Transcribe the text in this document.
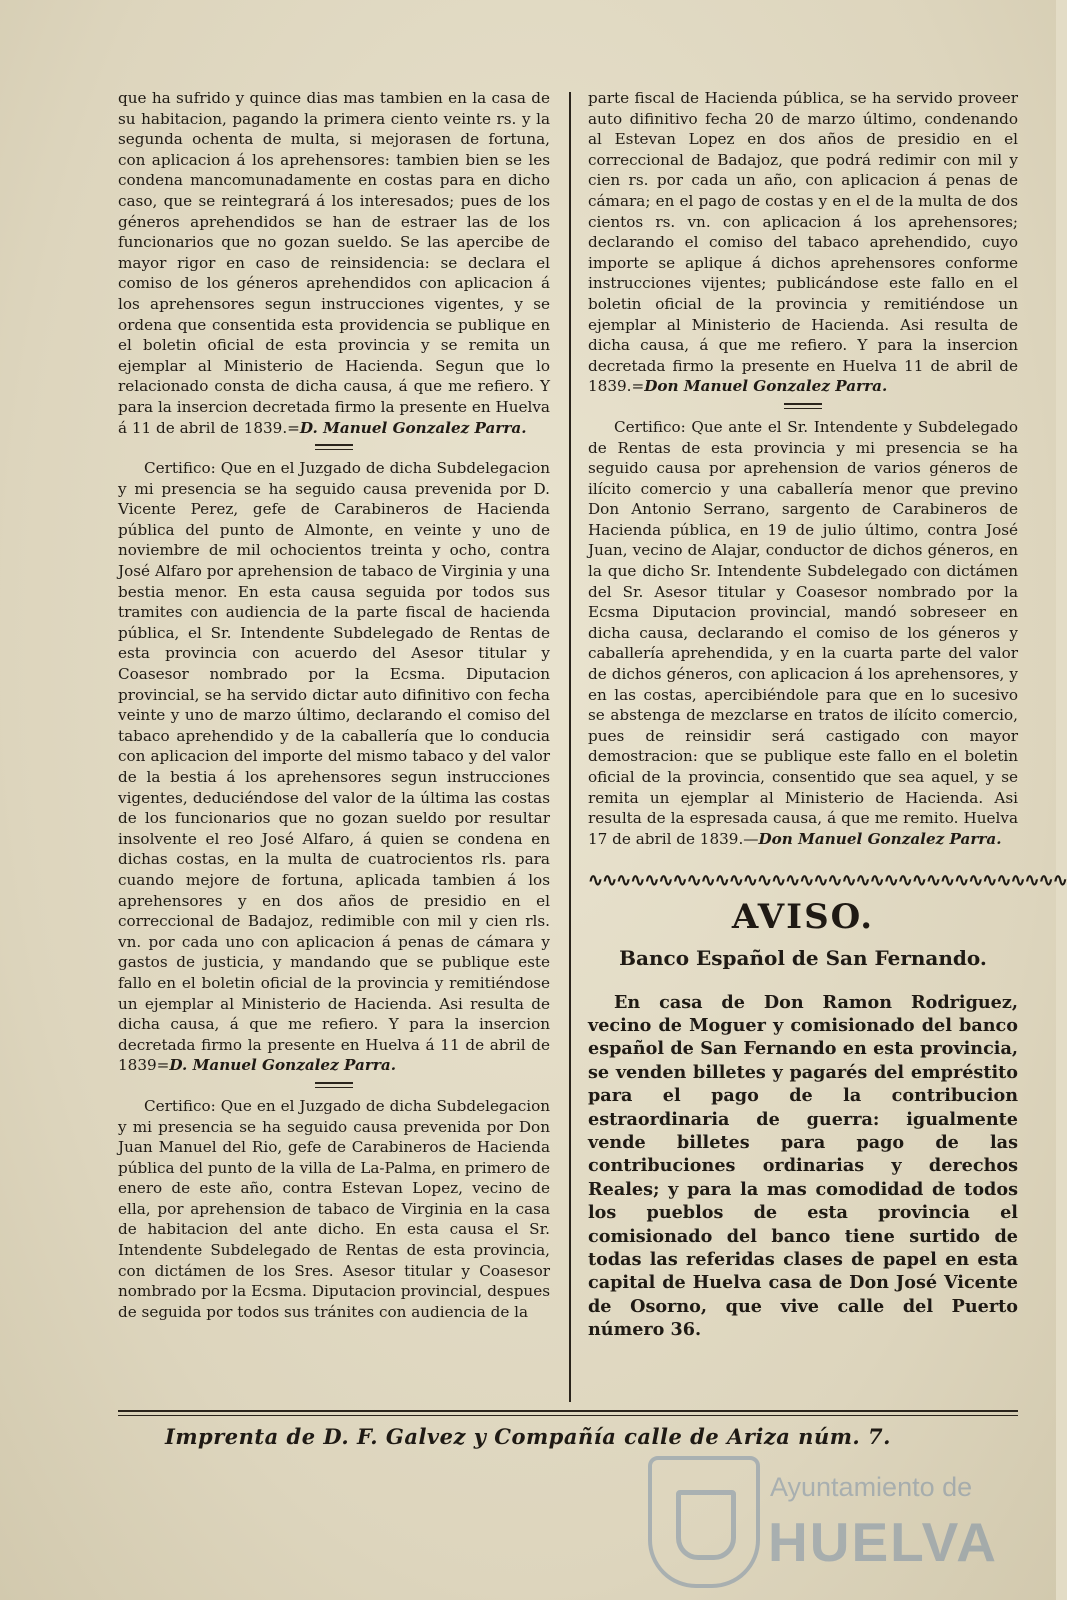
que ha sufrido y quince dias mas tambien en la casa de su habitacion, pagando la primera ciento veinte rs. y la segunda ochenta de multa, si mejorasen de fortuna, con aplicacion á los aprehensores: tambien bien se les condena mancomunadamente en costas para en dicho caso, que se reintegrará á los interesados; pues de los géneros aprehendidos se han de estraer las de los funcionarios que no gozan sueldo. Se las apercibe de mayor rigor en caso de reinsidencia: se declara el comiso de los géneros aprehendidos con aplicacion á los aprehensores segun instrucciones vigentes, y se ordena que consentida esta providencia se publique en el boletin oficial de esta provincia y se remita un ejemplar al Ministerio de Hacienda. Segun que lo relacionado consta de dicha causa, á que me refiero. Y para la insercion decretada firmo la presente en Huelva á 11 de abril de 1839.=D. Manuel Gonzalez Parra.

Certifico: Que en el Juzgado de dicha Subdelegacion y mi presencia se ha seguido causa prevenida por D. Vicente Perez, gefe de Carabineros de Hacienda pública del punto de Almonte, en veinte y uno de noviembre de mil ochocientos treinta y ocho, contra José Alfaro por aprehension de tabaco de Virginia y una bestia menor. En esta causa seguida por todos sus tramites con audiencia de la parte fiscal de hacienda pública, el Sr. Intendente Subdelegado de Rentas de esta provincia con acuerdo del Asesor titular y Coasesor nombrado por la Ecsma. Diputacion provincial, se ha servido dictar auto difinitivo con fecha veinte y uno de marzo último, declarando el comiso del tabaco aprehendido y de la caballería que lo conducia con aplicacion del importe del mismo tabaco y del valor de la bestia á los aprehensores segun instrucciones vigentes, deduciéndose del valor de la última las costas de los funcionarios que no gozan sueldo por resultar insolvente el reo José Alfaro, á quien se condena en dichas costas, en la multa de cuatrocientos rls. para cuando mejore de fortuna, aplicada tambien á los aprehensores y en dos años de presidio en el correccional de Badajoz, redimible con mil y cien rls. vn. por cada uno con aplicacion á penas de cámara y gastos de justicia, y mandando que se publique este fallo en el boletin oficial de la provincia y remitiéndose un ejemplar al Ministerio de Hacienda. Asi resulta de dicha causa, á que me refiero. Y para la insercion decretada firmo la presente en Huelva á 11 de abril de 1839=D. Manuel Gonzalez Parra.

Certifico: Que en el Juzgado de dicha Subdelegacion y mi presencia se ha seguido causa prevenida por Don Juan Manuel del Rio, gefe de Carabineros de Hacienda pública del punto de la villa de La-Palma, en primero de enero de este año, contra Estevan Lopez, vecino de ella, por aprehension de tabaco de Virginia en la casa de habitacion del ante dicho. En esta causa el Sr. Intendente Subdelegado de Rentas de esta provincia, con dictámen de los Sres. Asesor titular y Coasesor nombrado por la Ecsma. Diputacion provincial, despues de seguida por todos sus tránites con audiencia de la

parte fiscal de Hacienda pública, se ha servido proveer auto difinitivo fecha 20 de marzo último, condenando al Estevan Lopez en dos años de presidio en el correccional de Badajoz, que podrá redimir con mil y cien rs. por cada un año, con aplicacion á penas de cámara; en el pago de costas y en el de la multa de dos cientos rs. vn. con aplicacion á los aprehensores; declarando el comiso del tabaco aprehendido, cuyo importe se aplique á dichos aprehensores conforme instrucciones vijentes; publicándose este fallo en el boletin oficial de la provincia y remitiéndose un ejemplar al Ministerio de Hacienda. Asi resulta de dicha causa, á que me refiero. Y para la insercion decretada firmo la presente en Huelva 11 de abril de 1839.=Don Manuel Gonzalez Parra.

Certifico: Que ante el Sr. Intendente y Subdelegado de Rentas de esta provincia y mi presencia se ha seguido causa por aprehension de varios géneros de ilícito comercio y una caballería menor que previno Don Antonio Serrano, sargento de Carabineros de Hacienda pública, en 19 de julio último, contra José Juan, vecino de Alajar, conductor de dichos géneros, en la que dicho Sr. Intendente Subdelegado con dictámen del Sr. Asesor titular y Coasesor nombrado por la Ecsma Diputacion provincial, mandó sobreseer en dicha causa, declarando el comiso de los géneros y caballería aprehendida, y en la cuarta parte del valor de dichos géneros, con aplicacion á los aprehensores, y en las costas, apercibiéndole para que en lo sucesivo se abstenga de mezclarse en tratos de ilícito comercio, pues de reinsidir será castigado con mayor demostracion: que se publique este fallo en el boletin oficial de la provincia, consentido que sea aquel, y se remita un ejemplar al Ministerio de Hacienda. Asi resulta de la espresada causa, á que me remito. Huelva 17 de abril de 1839.—Don Manuel Gonzalez Parra.

∿∿∿∿∿∿∿∿∿∿∿∿∿∿∿∿∿∿∿∿∿∿∿∿∿∿∿∿∿∿∿∿∿∿
AVISO.
Banco Español de San Fernando.

En casa de Don Ramon Rodriguez, vecino de Moguer y comisionado del banco español de San Fernando en esta provincia, se venden billetes y pagarés del empréstito para el pago de la contribucion estraordinaria de guerra: igualmente vende billetes para pago de las contribuciones ordinarias y derechos Reales; y para la mas comodidad de todos los pueblos de esta provincia el comisionado del banco tiene surtido de todas las referidas clases de papel en esta capital de Huelva casa de Don José Vicente de Osorno, que vive calle del Puerto número 36.

Imprenta de D. F. Galvez y Compañía calle de Ariza núm. 7.
Ayuntamiento de
HUELVA
